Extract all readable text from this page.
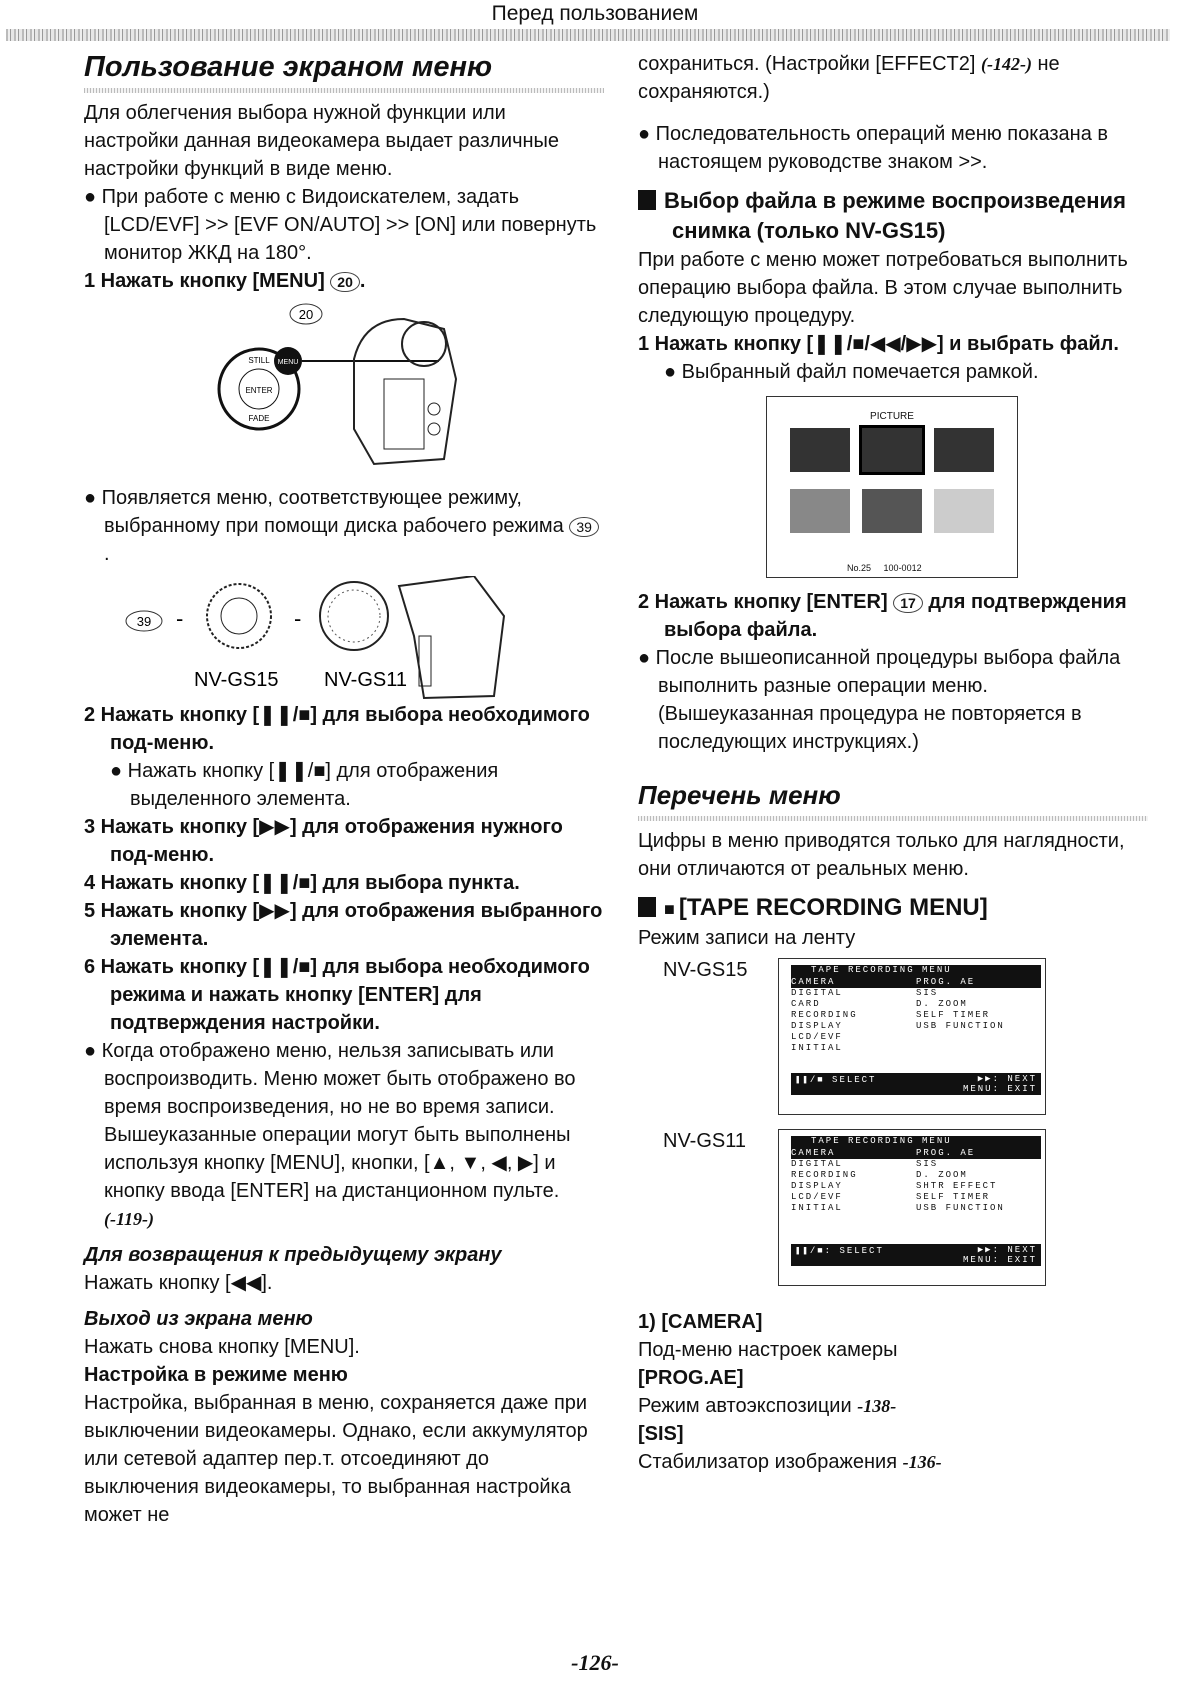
Перед пользованием
Пользование экраном меню

Для облегчения выбора нужной функции или настройки данная видеокамера выдает различные настройки функций в виде меню.

● При работе с меню с Видоискателем, задать [LCD/EVF] >> [EVF ON/AUTO] >> [ON] или повернуть монитор ЖКД на 180°.
1 Нажать кнопку [MENU] 20 .
20
ENTER
STILL
FADE
MENU
● Появляется меню, соответствующее режиму, выбранному при помощи диска рабочего режима 39.
39 -	-
NV-GS15 NV-GS11
2 Нажать кнопку [❚❚/■] для выбора необходимого под-меню.
● Нажать кнопку [❚❚/■] для отображения выделенного элемента.
3 Нажать кнопку [▶▶] для отображения нужного под-меню.
4 Нажать кнопку [❚❚/■] для выбора пункта.
5 Нажать кнопку [▶▶] для отображения выбранного элемента.
6 Нажать кнопку [❚❚/■] для выбора необходимого режима и нажать кнопку [ENTER] для подтверждения настройки.
● Когда отображено меню, нельзя записывать или воспроизводить. Меню может быть отображено во время воспроизведения, но не во время записи. Вышеуказанные операции могут быть выполнены используя кнопку [MENU], кнопки, [▲, ▼, ◀, ▶] и кнопку ввода [ENTER] на дистанционном пульте. (-119-)
Для возвращения к предыдущему экрану

Нажать кнопку [◀◀].

Выход из экрана меню

Нажать снова кнопку [MENU].

Настройка в режиме меню

Настройка, выбранная в меню, сохраняется даже при выключении видеокамеры. Однако, если аккумулятор или сетевой адаптер пер.т. отсоединяют до выключения видеокамеры, то выбранная настройка может не

сохраниться. (Настройки [EFFECT2] (-142-) не сохраняются.)

● Последовательность операций меню показана в настоящем руководстве знаком >>.
Выбор файла в режиме воспроизведения снимка (только NV-GS15)

При работе с меню может потребоваться выполнить операцию выбора файла. В этом случае выполнить следующую процедуру.

1 Нажать кнопку [❚❚/■/◀◀/▶▶] и выбрать файл.
● Выбранный файл помечается рамкой.
PICTURE
No.25 100-0012
2 Нажать кнопку [ENTER] 17 для подтверждения выбора файла.
● После вышеописанной процедуры выбора файла выполнить разные операции меню. (Вышеуказанная процедура не повторяется в последующих инструкциях.)
Перечень меню

Цифры в меню приводятся только для наглядности, они отличаются от реальных меню.

■ [TAPE RECORDING MENU]

Режим записи на ленту

NV-GS15	TAPE RECORDING MENU
CAMERA	PROG. AE
DIGITAL	SIS
CARD	D. ZOOM
RECORDING	SELF TIMER
DISPLAY	USB FUNCTION
LCD/EVF
INITIAL
❚❚/■ SELECT	▶▶: NEXT
MENU: EXIT
NV-GS11	TAPE RECORDING MENU
CAMERA	PROG. AE
DIGITAL	SIS
RECORDING	D. ZOOM
DISPLAY	SHTR EFFECT
LCD/EVF	SELF TIMER
INITIAL	USB FUNCTION
❚❚/■: SELECT	▶▶: NEXT
MENU: EXIT
1) [CAMERA]

Под-меню настроек камеры

[PROG.AE]

Режим автоэкспозиции -138-

[SIS]

Стабилизатор изображения -136-

-126-
